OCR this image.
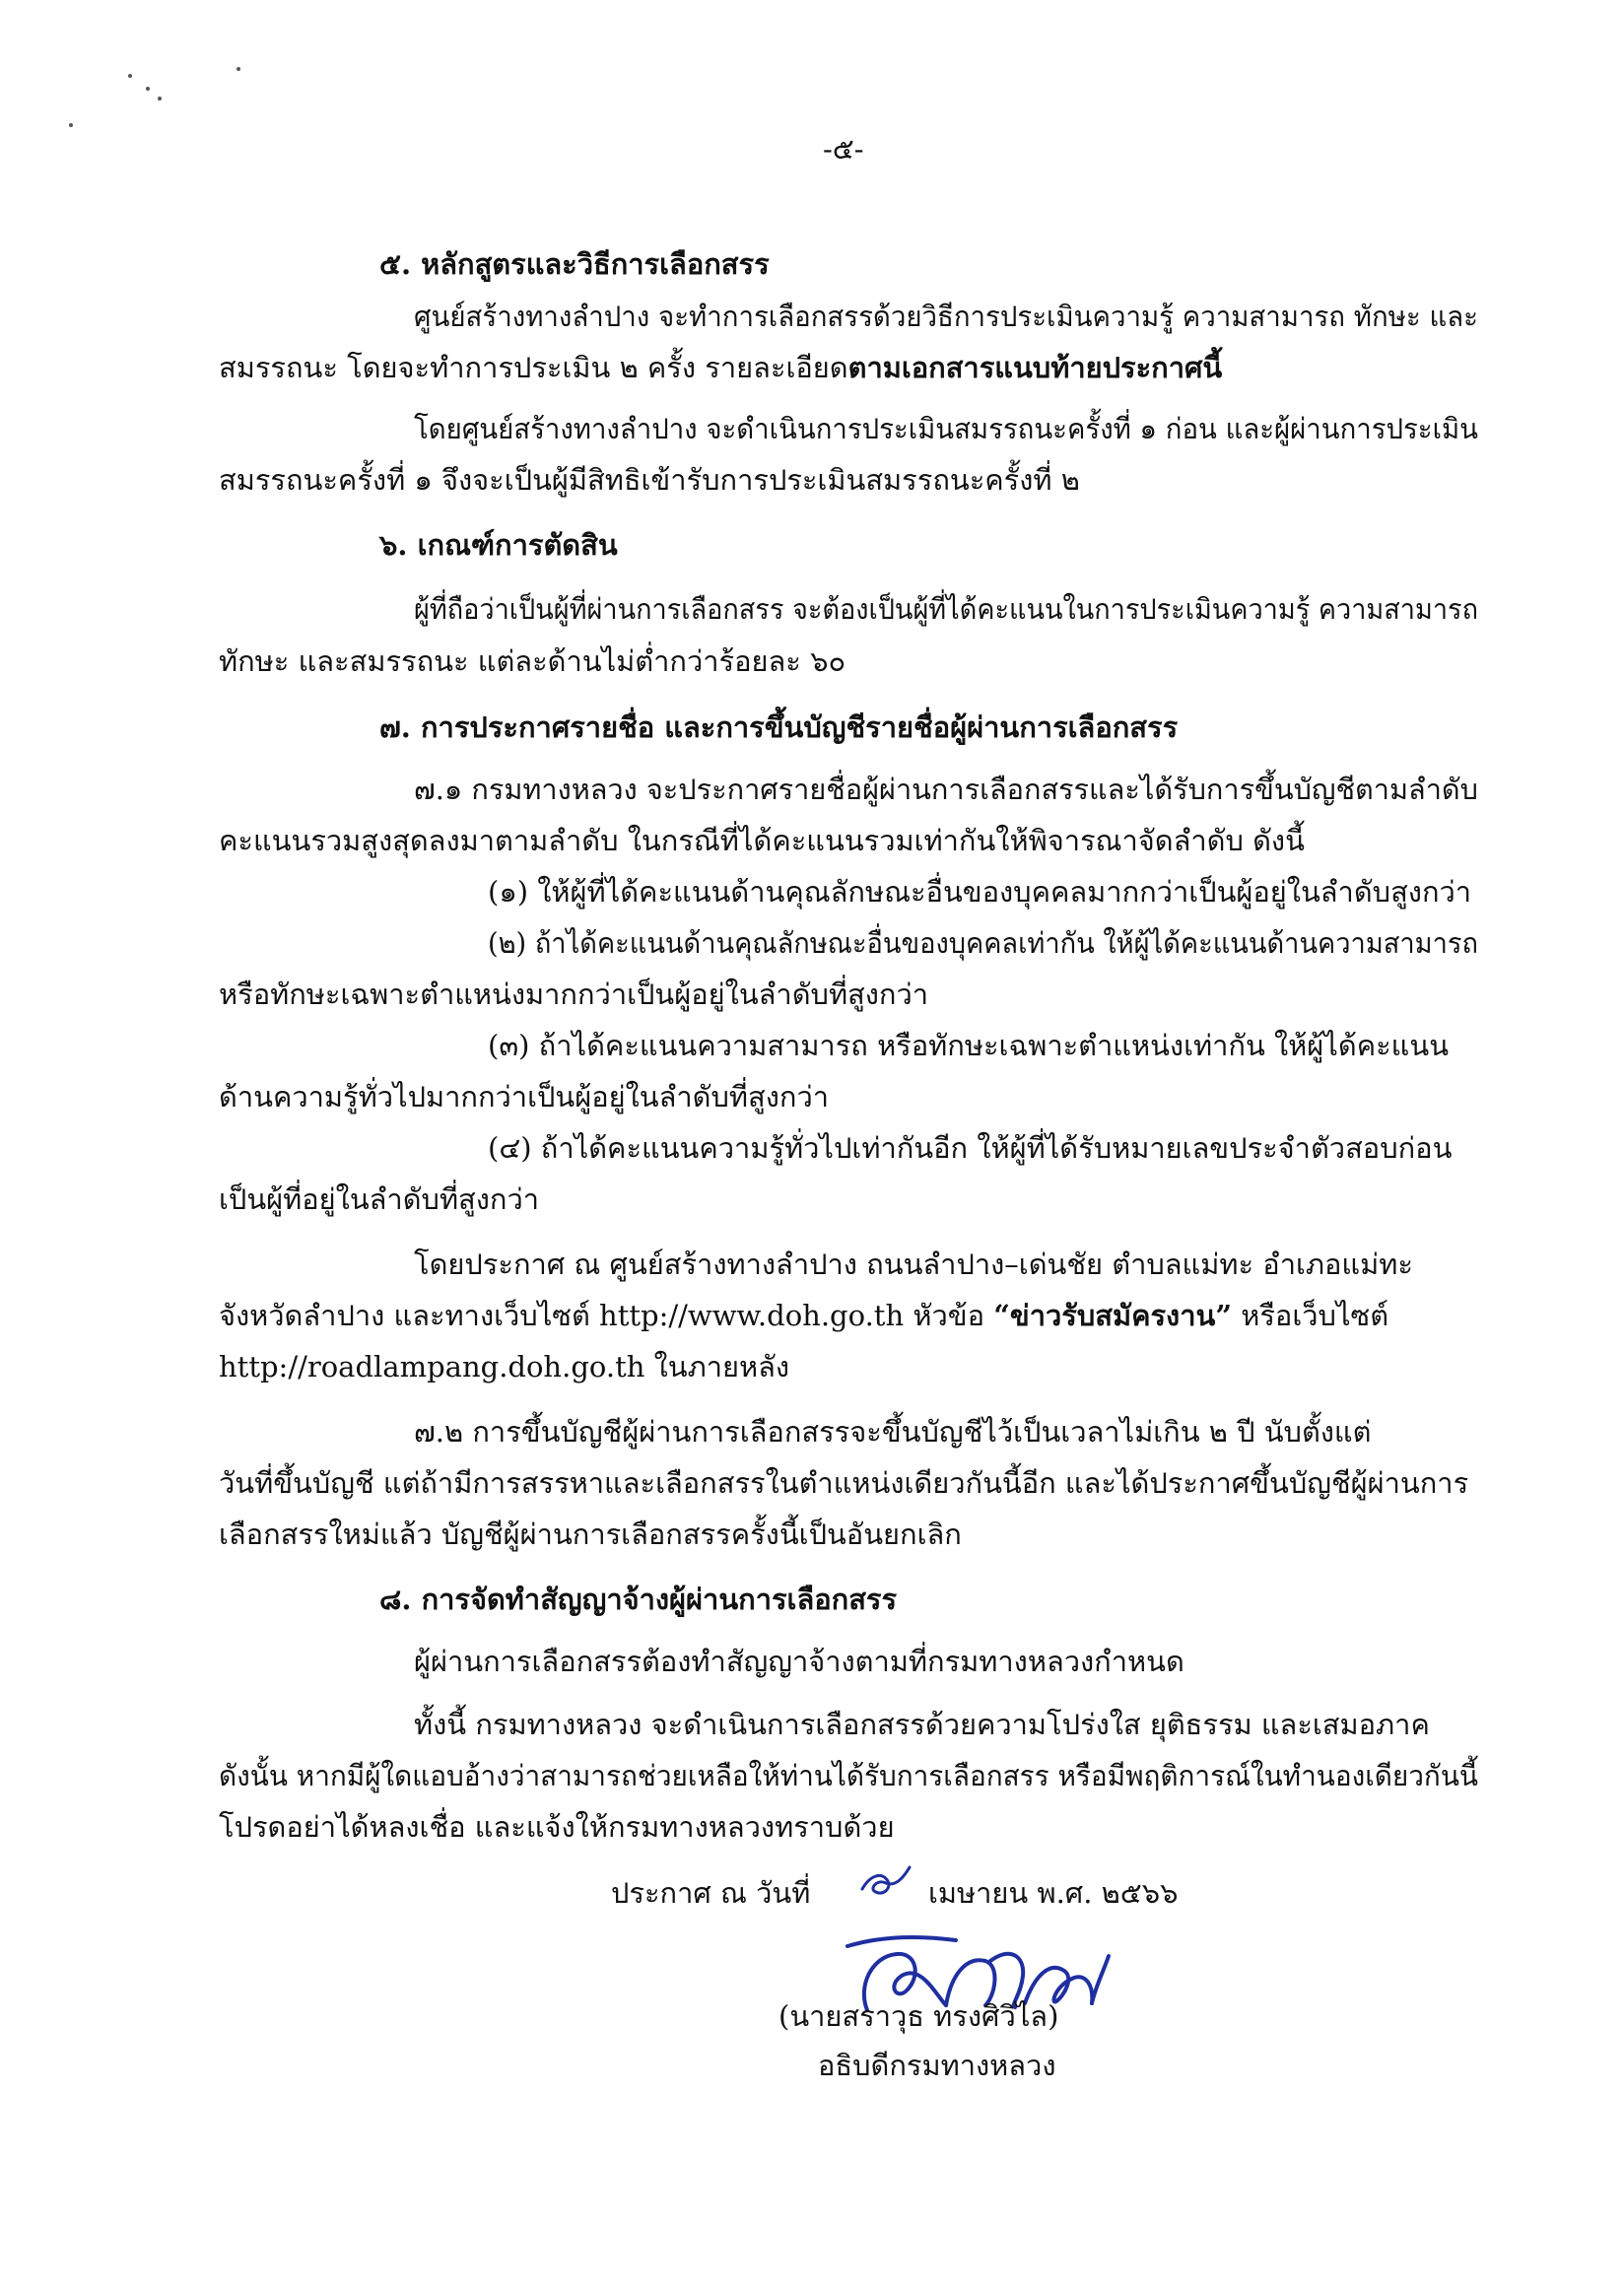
-๕-
๕. หลักสูตรและวิธีการเลือกสรร
ศูนย์สร้างทางลำปาง จะทำการเลือกสรรด้วยวิธีการประเมินความรู้ ความสามารถ ทักษะ และ
สมรรถนะ โดยจะทำการประเมิน ๒ ครั้ง รายละเอียดตามเอกสารแนบท้ายประกาศนี้
โดยศูนย์สร้างทางลำปาง จะดำเนินการประเมินสมรรถนะครั้งที่ ๑ ก่อน และผู้ผ่านการประเมิน
สมรรถนะครั้งที่ ๑ จึงจะเป็นผู้มีสิทธิเข้ารับการประเมินสมรรถนะครั้งที่ ๒
๖. เกณฑ์การตัดสิน
ผู้ที่ถือว่าเป็นผู้ที่ผ่านการเลือกสรร จะต้องเป็นผู้ที่ได้คะแนนในการประเมินความรู้ ความสามารถ
ทักษะ และสมรรถนะ แต่ละด้านไม่ต่ำกว่าร้อยละ ๖๐
๗. การประกาศรายชื่อ และการขึ้นบัญชีรายชื่อผู้ผ่านการเลือกสรร
๗.๑ กรมทางหลวง จะประกาศรายชื่อผู้ผ่านการเลือกสรรและได้รับการขึ้นบัญชีตามลำดับ
คะแนนรวมสูงสุดลงมาตามลำดับ ในกรณีที่ได้คะแนนรวมเท่ากันให้พิจารณาจัดลำดับ ดังนี้
(๑) ให้ผู้ที่ได้คะแนนด้านคุณลักษณะอื่นของบุคคลมากกว่าเป็นผู้อยู่ในลำดับสูงกว่า
(๒) ถ้าได้คะแนนด้านคุณลักษณะอื่นของบุคคลเท่ากัน ให้ผู้ได้คะแนนด้านความสามารถ
หรือทักษะเฉพาะตำแหน่งมากกว่าเป็นผู้อยู่ในลำดับที่สูงกว่า
(๓) ถ้าได้คะแนนความสามารถ หรือทักษะเฉพาะตำแหน่งเท่ากัน ให้ผู้ได้คะแนน
ด้านความรู้ทั่วไปมากกว่าเป็นผู้อยู่ในลำดับที่สูงกว่า
(๔) ถ้าได้คะแนนความรู้ทั่วไปเท่ากันอีก ให้ผู้ที่ได้รับหมายเลขประจำตัวสอบก่อน
เป็นผู้ที่อยู่ในลำดับที่สูงกว่า
โดยประกาศ ณ ศูนย์สร้างทางลำปาง ถนนลำปาง–เด่นชัย ตำบลแม่ทะ อำเภอแม่ทะ
จังหวัดลำปาง และทางเว็บไซต์ http://www.doh.go.th หัวข้อ “ข่าวรับสมัครงาน” หรือเว็บไซต์
http://roadlampang.doh.go.th ในภายหลัง
๗.๒ การขึ้นบัญชีผู้ผ่านการเลือกสรรจะขึ้นบัญชีไว้เป็นเวลาไม่เกิน ๒ ปี นับตั้งแต่
วันที่ขึ้นบัญชี แต่ถ้ามีการสรรหาและเลือกสรรในตำแหน่งเดียวกันนี้อีก และได้ประกาศขึ้นบัญชีผู้ผ่านการ
เลือกสรรใหม่แล้ว บัญชีผู้ผ่านการเลือกสรรครั้งนี้เป็นอันยกเลิก
๘. การจัดทำสัญญาจ้างผู้ผ่านการเลือกสรร
ผู้ผ่านการเลือกสรรต้องทำสัญญาจ้างตามที่กรมทางหลวงกำหนด
ทั้งนี้ กรมทางหลวง จะดำเนินการเลือกสรรด้วยความโปร่งใส ยุติธรรม และเสมอภาค
ดังนั้น หากมีผู้ใดแอบอ้างว่าสามารถช่วยเหลือให้ท่านได้รับการเลือกสรร หรือมีพฤติการณ์ในทำนองเดียวกันนี้
โปรดอย่าได้หลงเชื่อ และแจ้งให้กรมทางหลวงทราบด้วย
ประกาศ ณ วันที่	เมษายน พ.ศ. ๒๕๖๖
(นายสราวุธ ทรงศิวิไล)
อธิบดีกรมทางหลวง
